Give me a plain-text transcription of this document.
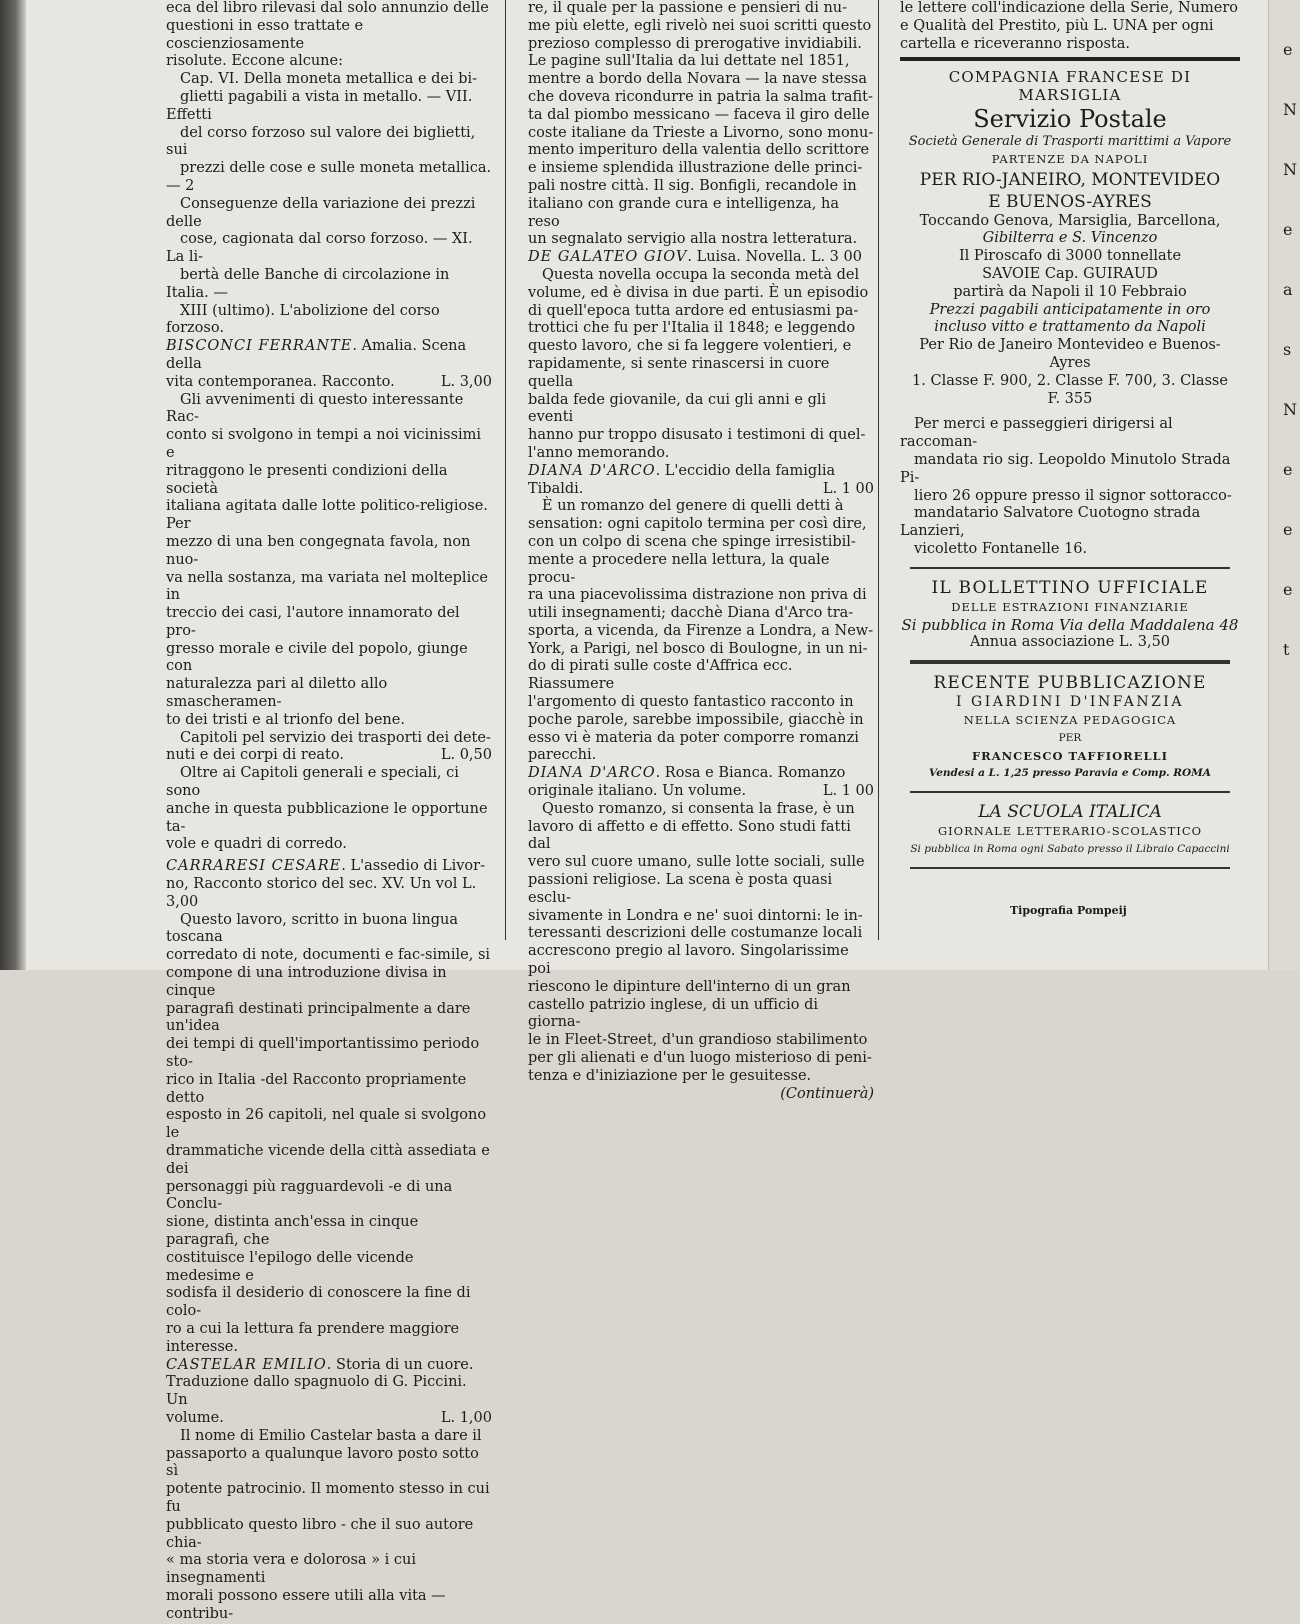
eca del libro rilevasi dal solo annunzio delle

questioni in esso trattate e coscienziosamente

risolute. Eccone alcune:

Cap. VI. Della moneta metallica e dei bi-

glietti pagabili a vista in metallo. — VII. Effetti

del corso forzoso sul valore dei biglietti, sui

prezzi delle cose e sulle moneta metallica. — 2

Conseguenze della variazione dei prezzi delle

cose, cagionata dal corso forzoso. — XI. La li-

bertà delle Banche di circolazione in Italia. —

XIII (ultimo). L'abolizione del corso forzoso.

BISCONCI FERRANTE. Amalia. Scena della

vita contemporanea. Racconto.	L. 3,00

Gli avvenimenti di questo interessante Rac-

conto si svolgono in tempi a noi vicinissimi e

ritraggono le presenti condizioni della società

italiana agitata dalle lotte politico-religiose. Per

mezzo di una ben congegnata favola, non nuo-

va nella sostanza, ma variata nel molteplice in

treccio dei casi, l'autore innamorato del pro-

gresso morale e civile del popolo, giunge con

naturalezza pari al diletto allo smascheramen-

to dei tristi e al trionfo del bene.

Capitoli pel servizio dei trasporti dei dete-

nuti e dei corpi di reato.	L. 0,50

Oltre ai Capitoli generali e speciali, ci sono

anche in questa pubblicazione le opportune ta-

vole e quadri di corredo.

CARRARESI CESARE. L'assedio di Livor-

no, Racconto storico del sec. XV. Un vol L. 3,00

Questo lavoro, scritto in buona lingua toscana

corredato di note, documenti e fac-simile, si

compone di una introduzione divisa in cinque

paragrafi destinati principalmente a dare un'idea

dei tempi di quell'importantissimo periodo sto-

rico in Italia -del Racconto propriamente detto

esposto in 26 capitoli, nel quale si svolgono le

drammatiche vicende della città assediata e dei

personaggi più ragguardevoli -e di una Conclu-

sione, distinta anch'essa in cinque paragrafi, che

costituisce l'epilogo delle vicende medesime e

sodisfa il desiderio di conoscere la fine di colo-

ro a cui la lettura fa prendere maggiore interesse.

CASTELAR EMILIO. Storia di un cuore.

Traduzione dallo spagnuolo di G. Piccini. Un

volume.	L. 1,00

Il nome di Emilio Castelar basta a dare il

passaporto a qualunque lavoro posto sotto sì

potente patrocinio. Il momento stesso in cui fu

pubblicato questo libro - che il suo autore chia-

« ma storia vera e dolorosa » i cui insegnamenti

morali possono essere utili alla vita — contribu-

re, il quale per la passione e pensieri di nu-

me più elette, egli rivelò nei suoi scritti questo

prezioso complesso di prerogative invidiabili.

Le pagine sull'Italia da lui dettate nel 1851,

mentre a bordo della Novara — la nave stessa

che doveva ricondurre in patria la salma trafit-

ta dal piombo messicano — faceva il giro delle

coste italiane da Trieste a Livorno, sono monu-

mento imperituro della valentia dello scrittore

e insieme splendida illustrazione delle princi-

pali nostre città. Il sig. Bonfigli, recandole in

italiano con grande cura e intelligenza, ha reso

un segnalato servigio alla nostra letteratura.

DE GALATEO GIOV. Luisa. Novella. L. 3 00

Questa novella occupa la seconda metà del

volume, ed è divisa in due parti. È un episodio

di quell'epoca tutta ardore ed entusiasmi pa-

trottici che fu per l'Italia il 1848; e leggendo

questo lavoro, che si fa leggere volentieri, e

rapidamente, si sente rinascersi in cuore quella

balda fede giovanile, da cui gli anni e gli eventi

hanno pur troppo disusato i testimoni di quel-

l'anno memorando.

DIANA D'ARCO. L'eccidio della famiglia

Tibaldi.	L. 1 00

È un romanzo del genere di quelli detti à

sensation: ogni capitolo termina per così dire,

con un colpo di scena che spinge irresistibil-

mente a procedere nella lettura, la quale procu-

ra una piacevolissima distrazione non priva di

utili insegnamenti; dacchè Diana d'Arco tra-

sporta, a vicenda, da Firenze a Londra, a New-

York, a Parigi, nel bosco di Boulogne, in un ni-

do di pirati sulle coste d'Affrica ecc. Riassumere

l'argomento di questo fantastico racconto in

poche parole, sarebbe impossibile, giacchè in

esso vi è materia da poter comporre romanzi

parecchi.

DIANA D'ARCO. Rosa e Bianca. Romanzo

originale italiano. Un volume.	L. 1 00

Questo romanzo, si consenta la frase, è un

lavoro di affetto e di effetto. Sono studi fatti dal

vero sul cuore umano, sulle lotte sociali, sulle

passioni religiose. La scena è posta quasi esclu-

sivamente in Londra e ne' suoi dintorni: le in-

teressanti descrizioni delle costumanze locali

accrescono pregio al lavoro. Singolarissime poi

riescono le dipinture dell'interno di un gran

castello patrizio inglese, di un ufficio di giorna-

le in Fleet-Street, d'un grandioso stabilimento

per gli alienati e d'un luogo misterioso di peni-

tenza e d'iniziazione per le gesuitesse.

(Continuerà)

le lettere coll'indicazione della Serie, Numero

e Qualità del Prestito, più L. UNA per ogni

cartella e riceveranno risposta.

COMPAGNIA FRANCESE DI MARSIGLIA
Servizio Postale
Società Generale di Trasporti marittimi a Vapore
PARTENZE DA NAPOLI
PER RIO-JANEIRO, MONTEVIDEO
E BUENOS-AYRES
Toccando Genova, Marsiglia, Barcellona,
Gibilterra e S. Vincenzo
Il Piroscafo di 3000 tonnellate
SAVOIE Cap. GUIRAUD
partirà da Napoli il 10 Febbraio
Prezzi pagabili anticipatamente in oro
incluso vitto e trattamento da Napoli
Per Rio de Janeiro Montevideo e Buenos-Ayres
1. Classe F. 900, 2. Classe F. 700, 3. Classe
F. 355

Per merci e passeggieri dirigersi al raccoman-

mandata rio sig. Leopoldo Minutolo Strada Pi-

liero 26 oppure presso il signor sottoracco-

mandatario Salvatore Cuotogno strada Lanzieri,

vicoletto Fontanelle 16.

IL BOLLETTINO UFFICIALE
DELLE ESTRAZIONI FINANZIARIE
Si pubblica in Roma Via della Maddalena 48
Annua associazione L. 3,50
RECENTE PUBBLICAZIONE
I GIARDINI D'INFANZIA
NELLA SCIENZA PEDAGOGICA
PER
FRANCESCO TAFFIORELLI
Vendesi a L. 1,25 presso Paravia e Comp. ROMA
LA SCUOLA ITALICA
GIORNALE LETTERARIO-SCOLASTICO
Si pubblica in Roma ogni Sabato presso il Libraio Capaccini
Tipografia Pompeij
e
N
N
e
a
s
N
e
e
e
t
